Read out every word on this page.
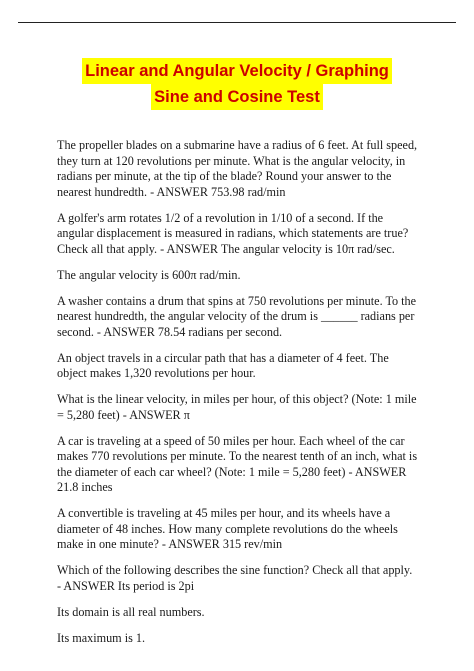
Linear and Angular Velocity / Graphing
Sine and Cosine Test

The propeller blades on a submarine have a radius of 6 feet. At full speed, they turn at 120 revolutions per minute. What is the angular velocity, in radians per minute, at the tip of the blade? Round your answer to the nearest hundredth. - ANSWER 753.98 rad/min

A golfer's arm rotates 1/2 of a revolution in 1/10 of a second. If the angular displacement is measured in radians, which statements are true? Check all that apply. - ANSWER The angular velocity is 10π rad/sec.

The angular velocity is 600π rad/min.

A washer contains a drum that spins at 750 revolutions per minute. To the nearest hundredth, the angular velocity of the drum is ______ radians per second. - ANSWER 78.54 radians per second.

An object travels in a circular path that has a diameter of 4 feet. The object makes 1,320 revolutions per hour.

What is the linear velocity, in miles per hour, of this object? (Note: 1 mile = 5,280 feet) - ANSWER π

A car is traveling at a speed of 50 miles per hour. Each wheel of the car makes 770 revolutions per minute. To the nearest tenth of an inch, what is the diameter of each car wheel? (Note: 1 mile = 5,280 feet) - ANSWER 21.8 inches

A convertible is traveling at 45 miles per hour, and its wheels have a diameter of 48 inches. How many complete revolutions do the wheels make in one minute? - ANSWER 315 rev/min

Which of the following describes the sine function? Check all that apply. - ANSWER Its period is 2pi

Its domain is all real numbers.

Its maximum is 1.
